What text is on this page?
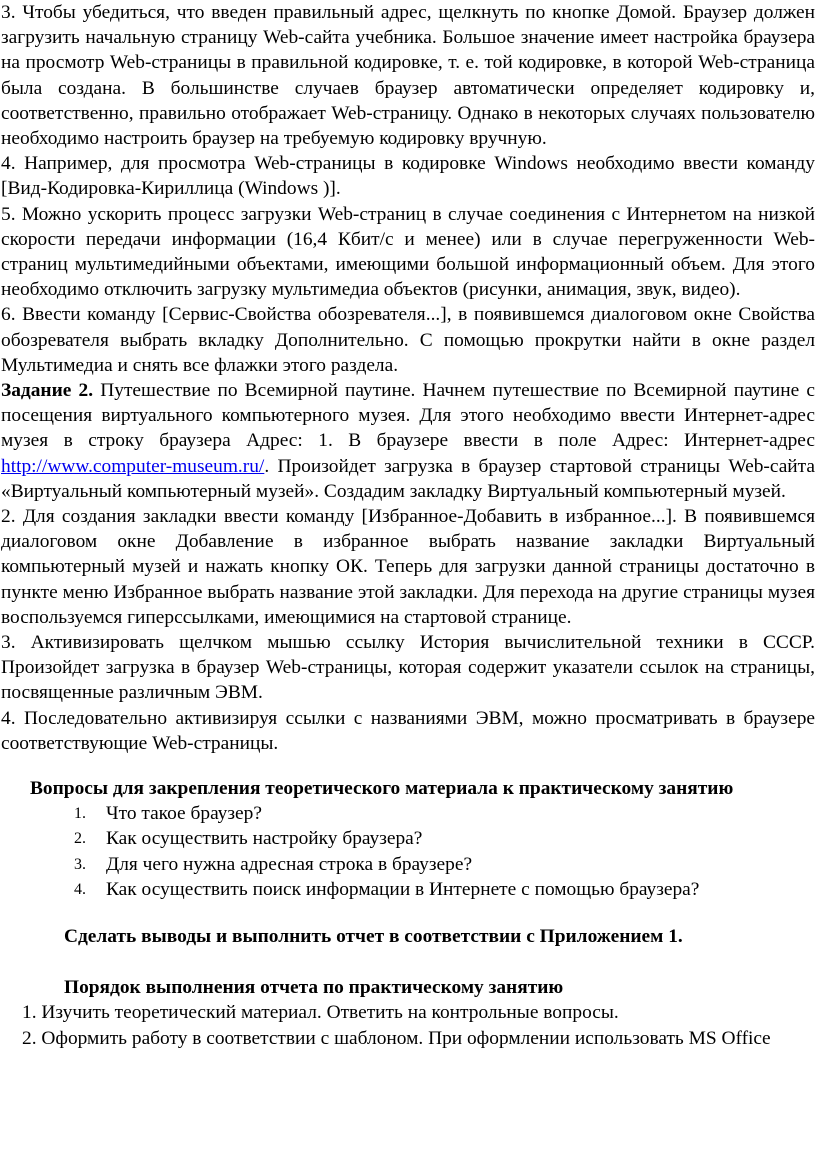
3. Чтобы убедиться, что введен правильный адрес, щелкнуть по кнопке Домой. Браузер должен загрузить начальную страницу Web-сайта учебника. Большое значение имеет настройка браузера на просмотр Web-страницы в правильной кодировке, т. е. той кодировке, в которой Web-страница была создана. В большинстве случаев браузер автоматически определяет кодировку и, соответственно, правильно отображает Web-страницу. Однако в некоторых случаях пользователю необходимо настроить браузер на требуемую кодировку вручную.

4. Например, для просмотра Web-страницы в кодировке Windows необходимо ввести команду [Вид-Кодировка-Кириллица (Windows )].

5. Можно ускорить процесс загрузки Web-страниц в случае соединения с Интернетом на низкой скорости передачи информации (16,4 Кбит/с и менее) или в случае перегруженности Web-страниц мультимедийными объектами, имеющими большой информационный объем. Для этого необходимо отключить загрузку мультимедиа объектов (рисунки, анимация, звук, видео).

6. Ввести команду [Сервис-Свойства обозревателя...], в появившемся диалоговом окне Свойства обозревателя выбрать вкладку Дополнительно. С помощью прокрутки найти в окне раздел Мультимедиа и снять все флажки этого раздела.

Задание 2. Путешествие по Всемирной паутине. Начнем путешествие по Всемирной паутине с посещения виртуального компьютерного музея. Для этого необходимо ввести Интернет-адрес музея в строку браузера Адрес: 1. В браузере ввести в поле Адрес: Интернет-адрес http://www.computer-museum.ru/. Произойдет загрузка в браузер стартовой страницы Web-сайта «Виртуальный компьютерный музей». Создадим закладку Виртуальный компьютерный музей.

2. Для создания закладки ввести команду [Избранное-Добавить в избранное...]. В появившемся диалоговом окне Добавление в избранное выбрать название закладки Виртуальный компьютерный музей и нажать кнопку ОК. Теперь для загрузки данной страницы достаточно в пункте меню Избранное выбрать название этой закладки. Для перехода на другие страницы музея воспользуемся гиперссылками, имеющимися на стартовой странице.

3. Активизировать щелчком мышью ссылку История вычислительной техники в СССР. Произойдет загрузка в браузер Web-страницы, которая содержит указатели ссылок на страницы, посвященные различным ЭВМ.

4. Последовательно активизируя ссылки с названиями ЭВМ, можно просматривать в браузере соответствующие Web-страницы.

Вопросы для закрепления теоретического материала к практическому занятию

1. Что такое браузер?
2. Как осуществить настройку браузера?
3. Для чего нужна адресная строка в браузере?
4. Как осуществить поиск информации в Интернете с помощью браузера?

Сделать выводы и выполнить отчет в соответствии с Приложением 1.

Порядок выполнения отчета по практическому занятию

1. Изучить теоретический материал. Ответить на контрольные вопросы.

2. Оформить работу в соответствии с шаблоном. При оформлении использовать MS Office
